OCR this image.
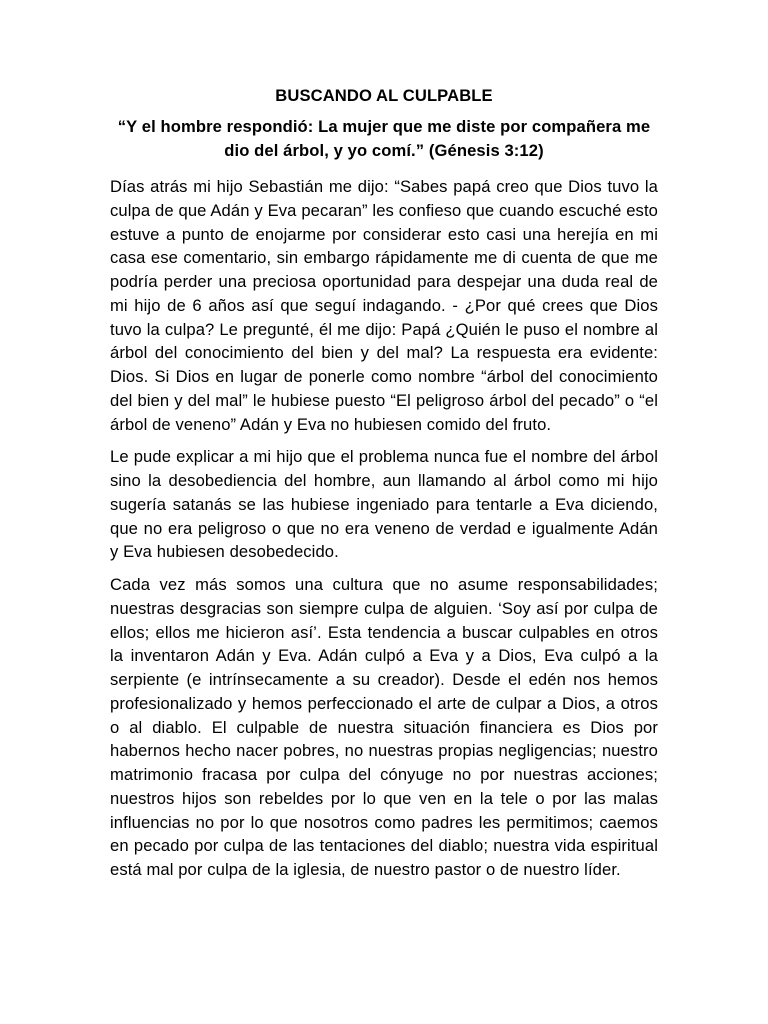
BUSCANDO AL CULPABLE

“Y el hombre respondió: La mujer que me diste por compañera me dio del árbol, y yo comí.” (Génesis 3:12)

Días atrás mi hijo Sebastián me dijo: “Sabes papá creo que Dios tuvo la culpa de que Adán y Eva pecaran” les confieso que cuando escuché esto estuve a punto de enojarme por considerar esto casi una herejía en mi casa ese comentario, sin embargo rápidamente me di cuenta de que me podría perder una preciosa oportunidad para despejar una duda real de mi hijo de 6 años así que seguí indagando. - ¿Por qué crees que Dios tuvo la culpa? Le pregunté, él me dijo: Papá ¿Quién le puso el nombre al árbol del conocimiento del bien y del mal? La respuesta era evidente: Dios. Si Dios en lugar de ponerle como nombre “árbol del conocimiento del bien y del mal” le hubiese puesto “El peligroso árbol del pecado” o “el árbol de veneno” Adán y Eva no hubiesen comido del fruto.

Le pude explicar a mi hijo que el problema nunca fue el nombre del árbol sino la desobediencia del hombre, aun llamando al árbol como mi hijo sugería satanás se las hubiese ingeniado para tentarle a Eva diciendo, que no era peligroso o que no era veneno de verdad e igualmente Adán y Eva hubiesen desobedecido.

Cada vez más somos una cultura que no asume responsabilidades; nuestras desgracias son siempre culpa de alguien. ‘Soy así por culpa de ellos; ellos me hicieron así’. Esta tendencia a buscar culpables en otros la inventaron Adán y Eva. Adán culpó a Eva y a Dios, Eva culpó a la serpiente (e intrínsecamente a su creador). Desde el edén nos hemos profesionalizado y hemos perfeccionado el arte de culpar a Dios, a otros o al diablo. El culpable de nuestra situación financiera es Dios por habernos hecho nacer pobres, no nuestras propias negligencias; nuestro matrimonio fracasa por culpa del cónyuge no por nuestras acciones; nuestros hijos son rebeldes por lo que ven en la tele o por las malas influencias no por lo que nosotros como padres les permitimos; caemos en pecado por culpa de las tentaciones del diablo; nuestra vida espiritual está mal por culpa de la iglesia, de nuestro pastor o de nuestro líder.
